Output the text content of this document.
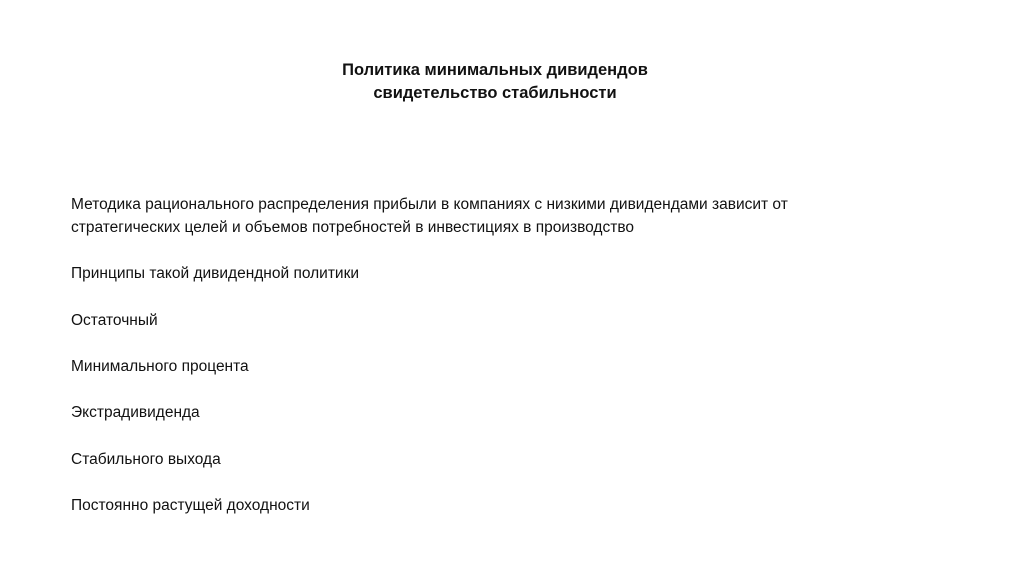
Политика минимальных дивидендов
свидетельство стабильности
Методика рационального распределения прибыли в компаниях с низкими дивидендами зависит от
стратегических целей и объемов потребностей в инвестициях в производство
Принципы такой дивидендной политики
Остаточный
Минимального процента
Экстрадивиденда
Стабильного выхода
Постоянно растущей доходности
